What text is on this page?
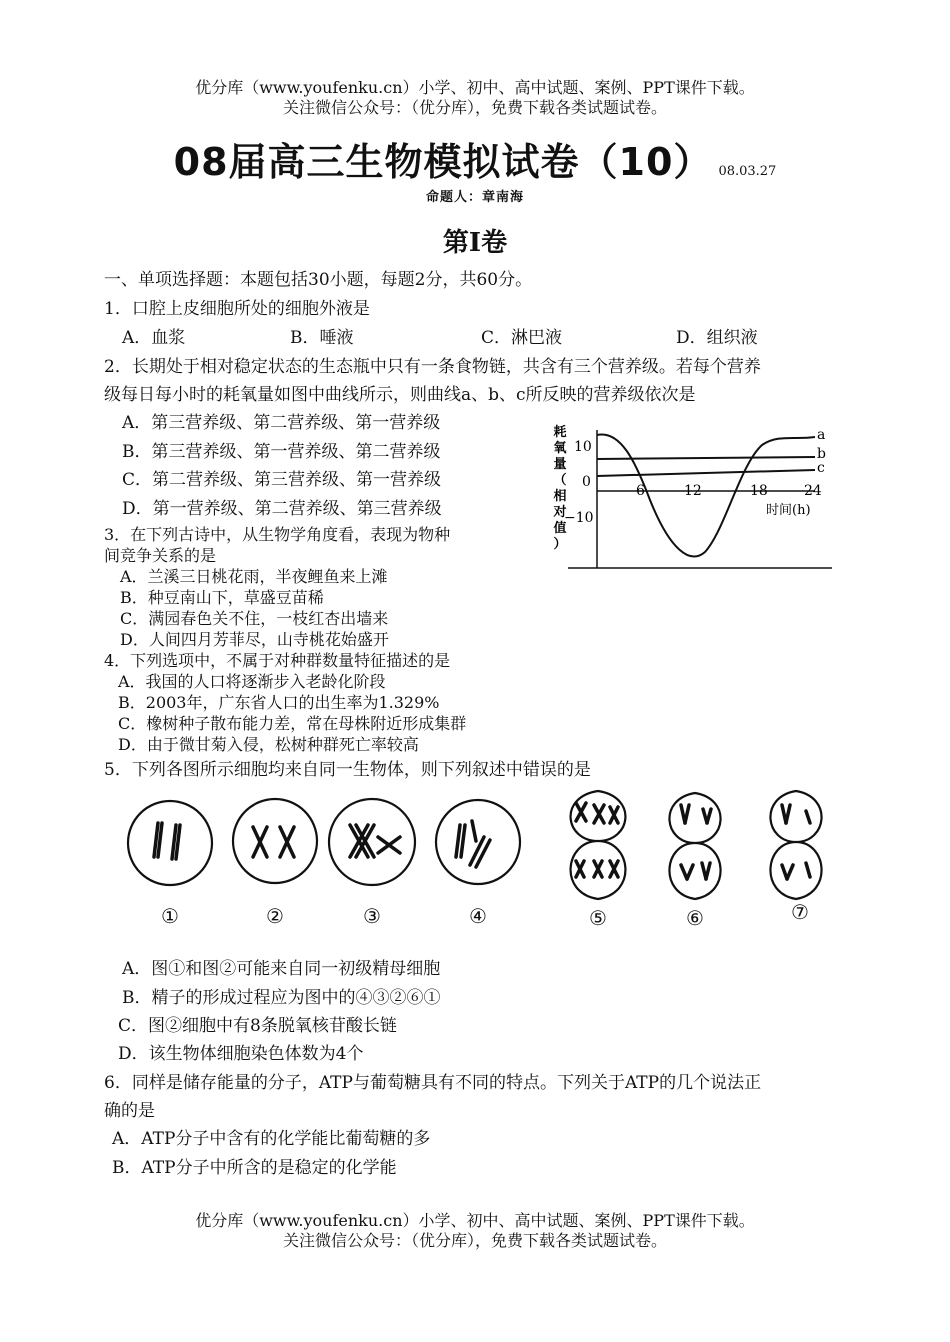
优分库（www.youfenku.cn）小学、初中、高中试题、案例、PPT课件下载。
关注微信公众号：（优分库），免费下载各类试题试卷。
08届高三生物模拟试卷（10） 08.03.27
命题人：章南海
第Ⅰ卷
一、单项选择题：本题包括30小题，每题2分，共60分。
1．口腔上皮细胞所处的细胞外液是
A．血浆	B．唾液	C．淋巴液	D．组织液
2．长期处于相对稳定状态的生态瓶中只有一条食物链，共含有三个营养级。若每个营养
级每日每小时的耗氧量如图中曲线所示，则曲线a、b、c所反映的营养级依次是
A．第三营养级、第二营养级、第一营养级
B．第三营养级、第一营养级、第二营养级
C．第二营养级、第三营养级、第一营养级
D．第一营养级、第二营养级、第三营养级
耗
氧
量
（
相
对
值
）
10
0
−10
6	12	18	24
时间(h)
a
b
c
3．在下列古诗中，从生物学角度看，表现为物种
间竞争关系的是
A．兰溪三日桃花雨，半夜鲤鱼来上滩
B．种豆南山下，草盛豆苗稀
C．满园春色关不住，一枝红杏出墙来
D．人间四月芳菲尽，山寺桃花始盛开
4．下列选项中，不属于对种群数量特征描述的是
A．我国的人口将逐渐步入老龄化阶段
B．2003年，广东省人口的出生率为1.329%
C．橡树种子散布能力差，常在母株附近形成集群
D．由于微甘菊入侵，松树种群死亡率较高
5．下列各图所示细胞均来自同一生物体，则下列叙述中错误的是
①	②	③	④	⑤	⑥	⑦
A．图①和图②可能来自同一初级精母细胞
B．精子的形成过程应为图中的④③②⑥①
C．图②细胞中有8条脱氧核苷酸长链
D．该生物体细胞染色体数为4个
6．同样是储存能量的分子，ATP与葡萄糖具有不同的特点。下列关于ATP的几个说法正
确的是
A．ATP分子中含有的化学能比葡萄糖的多
B．ATP分子中所含的是稳定的化学能
优分库（www.youfenku.cn）小学、初中、高中试题、案例、PPT课件下载。
关注微信公众号：（优分库），免费下载各类试题试卷。
